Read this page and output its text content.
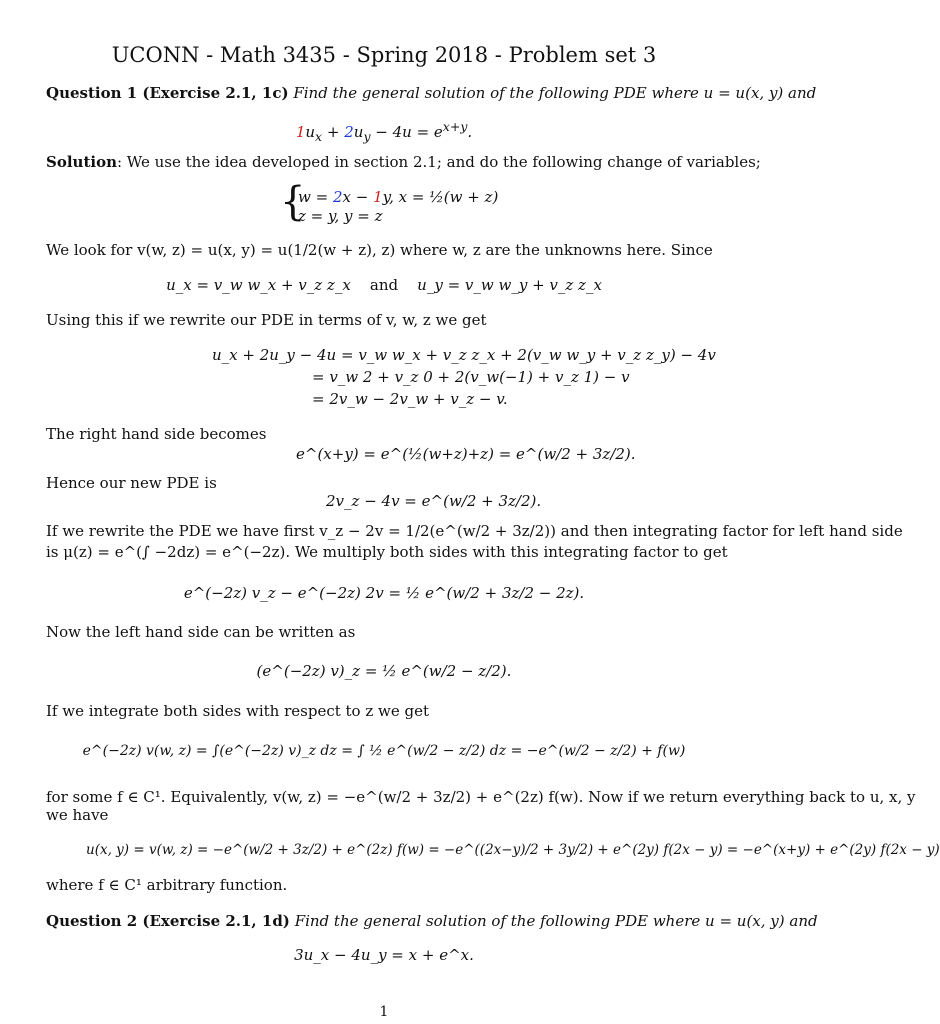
UCONN - Math 3435 - Spring 2018 - Problem set 3
Question 1 (Exercise 2.1, 1c) Find the general solution of the following PDE where u = u(x, y) and
$1u_x + 2u_y - 4u = e^{x+y}$.
Solution: We use the idea developed in section 2.1; and do the following change of variables;
{
w = 2x − 1y, x = ½(w + z)
z = y, y = z
We look for v(w, z) = u(x, y) = u(1/2(w + z), z) where w, z are the unknowns here. Since
u_x = v_w w_x + v_z z_x and u_y = v_w w_y + v_z z_x
Using this if we rewrite our PDE in terms of v, w, z we get
u_x + 2u_y − 4u = v_w w_x + v_z z_x + 2(v_w w_y + v_z z_y) − 4v
= v_w 2 + v_z 0 + 2(v_w(−1) + v_z 1) − v
= 2v_w − 2v_w + v_z − v.
The right hand side becomes
e^(x+y) = e^(½(w+z)+z) = e^(w/2 + 3z/2).
Hence our new PDE is
2v_z − 4v = e^(w/2 + 3z/2).
If we rewrite the PDE we have first v_z − 2v = 1/2(e^(w/2 + 3z/2)) and then integrating factor for left hand side
is μ(z) = e^(∫ −2dz) = e^(−2z). We multiply both sides with this integrating factor to get
e^(−2z) v_z − e^(−2z) 2v = ½ e^(w/2 + 3z/2 − 2z).
Now the left hand side can be written as
(e^(−2z) v)_z = ½ e^(w/2 − z/2).
If we integrate both sides with respect to z we get
e^(−2z) v(w, z) = ∫(e^(−2z) v)_z dz = ∫ ½ e^(w/2 − z/2) dz = −e^(w/2 − z/2) + f(w)
for some f ∈ C¹. Equivalently, v(w, z) = −e^(w/2 + 3z/2) + e^(2z) f(w). Now if we return everything back to u, x, y
we have
u(x, y) = v(w, z) = −e^(w/2 + 3z/2) + e^(2z) f(w) = −e^((2x−y)/2 + 3y/2) + e^(2y) f(2x − y) = −e^(x+y) + e^(2y) f(2x − y)
where f ∈ C¹ arbitrary function.
Question 2 (Exercise 2.1, 1d) Find the general solution of the following PDE where u = u(x, y) and
3u_x − 4u_y = x + e^x.
1
